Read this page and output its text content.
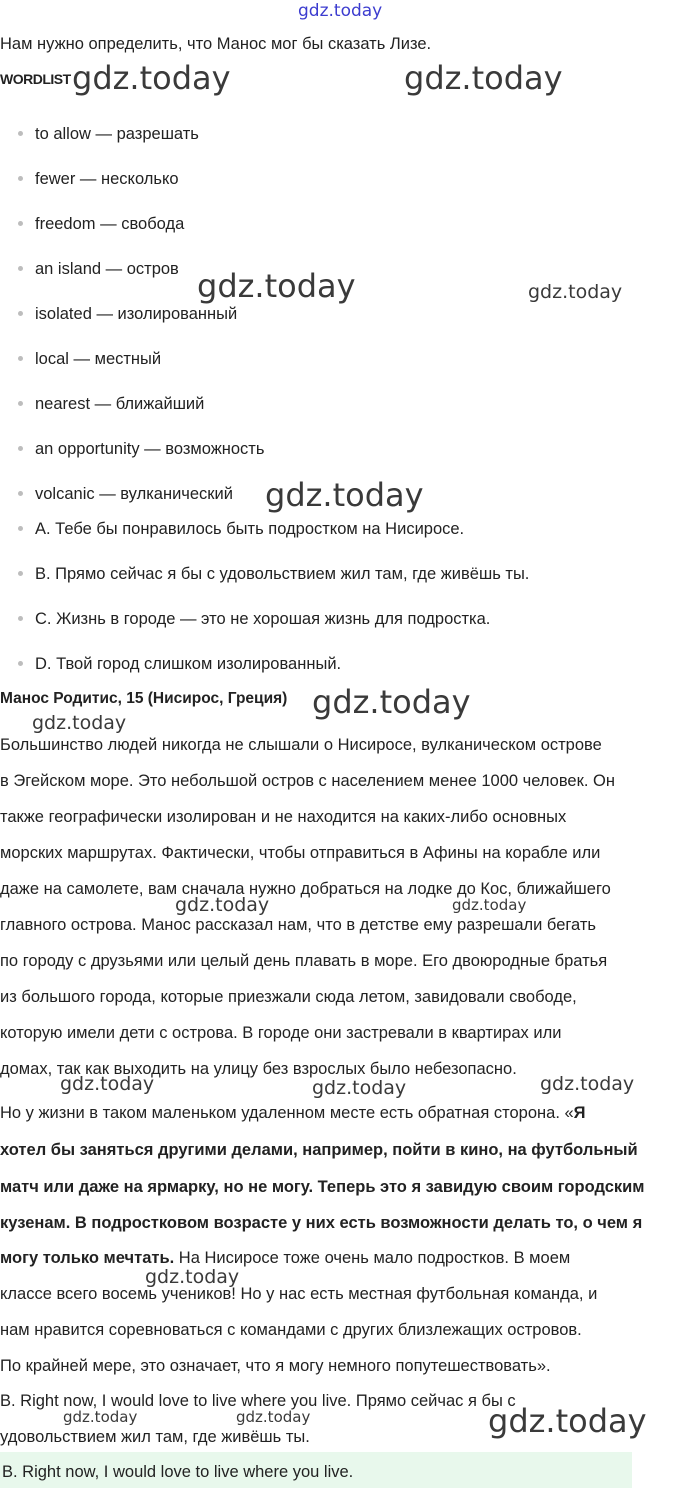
gdz.today
Нам нужно определить, что Манос мог бы сказать Лизе.
WORDLIST
to allow — разрешать
fewer — несколько
freedom — свобода
an island — остров
isolated — изолированный
local — местный
nearest — ближайший
an opportunity — возможность
volcanic — вулканический
A. Тебе бы понравилось быть подростком на Нисиросе.
B. Прямо сейчас я бы с удовольствием жил там, где живёшь ты.
C. Жизнь в городе — это не хорошая жизнь для подростка.
D. Твой город слишком изолированный.
Манос Родитис, 15 (Нисирос, Греция)
Большинство людей никогда не слышали о Нисиросе, вулканическом острове
в Эгейском море. Это небольшой остров с населением менее 1000 человек. Он
также географически изолирован и не находится на каких-либо основных
морских маршрутах. Фактически, чтобы отправиться в Афины на корабле или
даже на самолете, вам сначала нужно добраться на лодке до Кос, ближайшего
главного острова. Манос рассказал нам, что в детстве ему разрешали бегать
по городу с друзьями или целый день плавать в море. Его двоюродные братья
из большого города, которые приезжали сюда летом, завидовали свободе,
которую имели дети с острова. В городе они застревали в квартирах или
домах, так как выходить на улицу без взрослых было небезопасно.
Но у жизни в таком маленьком удаленном месте есть обратная сторона. «Я
хотел бы заняться другими делами, например, пойти в кино, на футбольный
матч или даже на ярмарку, но не могу. Теперь это я завидую своим городским
кузенам. В подростковом возрасте у них есть возможности делать то, о чем я
могу только мечтать. На Нисиросе тоже очень мало подростков. В моем
классе всего восемь учеников! Но у нас есть местная футбольная команда, и
нам нравится соревноваться с командами с других близлежащих островов.
По крайней мере, это означает, что я могу немного попутешествовать».
B. Right now, I would love to live where you live. Прямо сейчас я бы с
удовольствием жил там, где живёшь ты.
B. Right now, I would love to live where you live.
gdz.today	gdz.today
gdz.today	gdz.today
gdz.today
gdz.today
gdz.today
gdz.today	gdz.today
gdz.today	gdz.today	gdz.today
gdz.today
gdz.today	gdz.today	gdz.today
